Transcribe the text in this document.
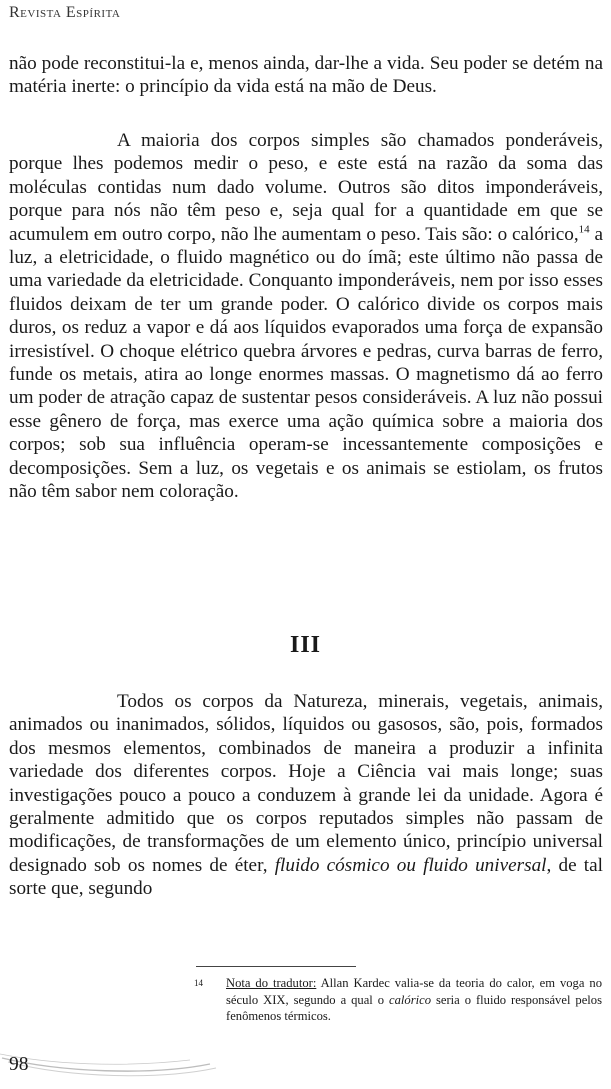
Revista Espírita

não pode reconstitui-la e, menos ainda, dar-lhe a vida. Seu poder se detém na matéria inerte: o princípio da vida está na mão de Deus.

A maioria dos corpos simples são chamados ponderáveis, porque lhes podemos medir o peso, e este está na razão da soma das moléculas contidas num dado volume. Outros são ditos imponderáveis, porque para nós não têm peso e, seja qual for a quantidade em que se acumulem em outro corpo, não lhe aumentam o peso. Tais são: o calórico,$^{14}$ a luz, a eletricidade, o fluido magnético ou do ímã; este último não passa de uma variedade da eletricidade. Conquanto imponderáveis, nem por isso esses fluidos deixam de ter um grande poder. O calórico divide os corpos mais duros, os reduz a vapor e dá aos líquidos evaporados uma força de expansão irresistível. O choque elétrico quebra árvores e pedras, curva barras de ferro, funde os metais, atira ao longe enormes massas. O magnetismo dá ao ferro um poder de atração capaz de sustentar pesos consideráveis. A luz não possui esse gênero de força, mas exerce uma ação química sobre a maioria dos corpos; sob sua influência operam-se incessantemente composições e decomposições. Sem a luz, os vegetais e os animais se estiolam, os frutos não têm sabor nem coloração.

III

Todos os corpos da Natureza, minerais, vegetais, animais, animados ou inanimados, sólidos, líquidos ou gasosos, são, pois, formados dos mesmos elementos, combinados de maneira a produzir a infinita variedade dos diferentes corpos. Hoje a Ciência vai mais longe; suas investigações pouco a pouco a conduzem à grande lei da unidade. Agora é geralmente admitido que os corpos reputados simples não passam de modificações, de transformações de um elemento único, princípio universal designado sob os nomes de éter, fluido cósmico ou fluido universal, de tal sorte que, segundo

14	Nota do tradutor: Allan Kardec valia-se da teoria do calor, em voga no século XIX, segundo a qual o calórico seria o fluido responsável pelos fenômenos térmicos.
98
